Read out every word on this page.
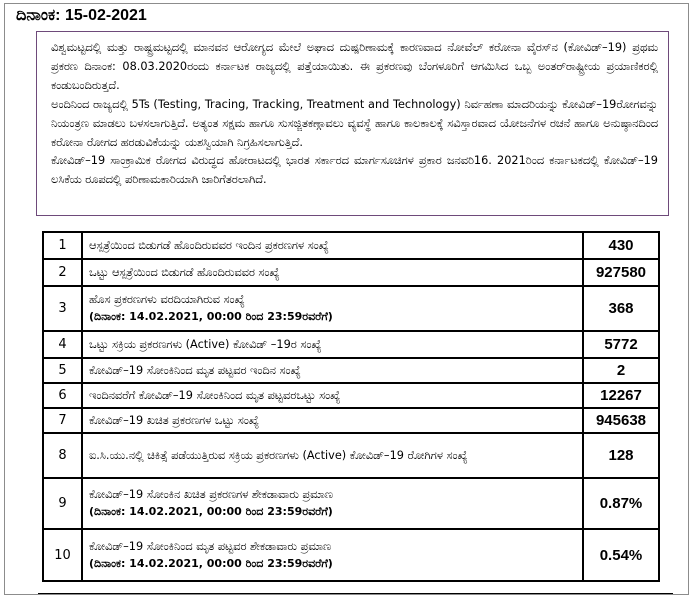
ದಿನಾಂಕ: 15-02-2021

ವಿಶ್ವಮಟ್ಟದಲ್ಲಿ ಮತ್ತು ರಾಷ್ಟ್ರಮಟ್ಟದಲ್ಲಿ ಮಾನವನ ಆರೋಗ್ಯದ ಮೇಲೆ ಅಘಾದ ದುಷ್ಪರಿಣಾಮಕ್ಕೆ ಕಾರಣವಾದ ನೋವೆಲ್ ಕರೋನಾ ವೈರಸ್‌ನ (ಕೋವಿಡ್–19) ಪ್ರಥಮ ಪ್ರಕರಣ ದಿನಾಂಕ: 08.03.2020ರಂದು ಕರ್ನಾಟಕ ರಾಜ್ಯದಲ್ಲಿ ಪತ್ತೆಯಾಯಿತು. ಈ ಪ್ರಕರಣವು ಬೆಂಗಳೂರಿಗೆ ಆಗಮಿಸಿದ ಒಬ್ಬ ಅಂತರ್‌ರಾಷ್ಟ್ರೀಯ ಪ್ರಯಾಣಿಕರಲ್ಲಿ ಕಂಡುಬಂದಿರುತ್ತದೆ.

ಅಂದಿನಿಂದ ರಾಜ್ಯದಲ್ಲಿ 5Ts (Testing, Tracing, Tracking, Treatment and Technology) ನಿರ್ವಹಣಾ ಮಾದರಿಯನ್ನು ಕೋವಿಡ್–19ರೋಗವನ್ನು ನಿಯಂತ್ರಣ ಮಾಡಲು ಬಳಸಲಾಗುತ್ತಿದೆ. ಅತ್ಯಂತ ಸಕ್ಷಮ ಹಾಗೂ ಸುಸಜ್ಜಿತಕಣ್ಗಾವಲು ವ್ಯವಸ್ಥೆ ಹಾಗೂ ಕಾಲಕಾಲಕ್ಕೆ ಸವಿಸ್ತಾರವಾದ ಯೋಜನೆಗಳ ರಚನೆ ಹಾಗೂ ಅನುಷ್ಠಾನದಿಂದ ಕರೋನಾ ರೋಗದ ಹರಡುವಿಕೆಯನ್ನು ಯಶಸ್ವಿಯಾಗಿ ನಿಗ್ರಹಿಸಲಾಗುತ್ತಿದೆ.

ಕೋವಿಡ್–19 ಸಾಂಕ್ರಾಮಿಕ ರೋಗದ ವಿರುದ್ಧದ ಹೋರಾಟದಲ್ಲಿ ಭಾರತ ಸರ್ಕಾರದ ಮಾರ್ಗಸೂಚಿಗಳ ಪ್ರಕಾರ ಜನವರಿ16. 2021ರಿಂದ ಕರ್ನಾಟಕದಲ್ಲಿ ಕೋವಿಡ್–19 ಲಸಿಕೆಯ ರೂಪದಲ್ಲಿ ಪರಿಣಾಮಕಾರಿಯಾಗಿ ಜಾರಿಗೆತರಲಾಗಿದೆ.

1	ಆಸ್ಪತ್ರೆಯಿಂದ ಬಿಡುಗಡೆ ಹೊಂದಿರುವವರ ಇಂದಿನ ಪ್ರಕರಣಗಳ ಸಂಖ್ಯೆ	430
2	ಒಟ್ಟು ಆಸ್ಪತ್ರೆಯಿಂದ ಬಿಡುಗಡೆ ಹೊಂದಿರುವವರ ಸಂಖ್ಯೆ	927580
3	ಹೊಸ ಪ್ರಕರಣಗಳು ವರದಿಯಾಗಿರುವ ಸಂಖ್ಯೆ
(ದಿನಾಂಕ: 14.02.2021, 00:00 ರಿಂದ 23:59ರವರೆಗೆ)	368
4	ಒಟ್ಟು ಸಕ್ರಿಯ ಪ್ರಕರಣಗಳು (Active) ಕೋವಿಡ್ –19ರ ಸಂಖ್ಯೆ	5772
5	ಕೋವಿಡ್–19 ಸೋಂಕಿನಿಂದ ಮೃತ ಪಟ್ಟವರ ಇಂದಿನ ಸಂಖ್ಯೆ	2
6	ಇಂದಿನವರೆಗೆ ಕೋವಿಡ್–19 ಸೋಂಕಿನಿಂದ ಮೃತ ಪಟ್ಟವರಒಟ್ಟು ಸಂಖ್ಯೆ	12267
7	ಕೋವಿಡ್–19 ಖಚಿತ ಪ್ರಕರಣಗಳ ಒಟ್ಟು ಸಂಖ್ಯೆ	945638
8	ಐ.ಸಿ.ಯು.ನಲ್ಲಿ ಚಿಕಿತ್ಸೆ ಪಡೆಯುತ್ತಿರುವ ಸಕ್ರಿಯ ಪ್ರಕರಣಗಳು (Active) ಕೋವಿಡ್–19 ರೋಗಿಗಳ ಸಂಖ್ಯೆ	128
9	ಕೋವಿಡ್–19 ಸೋಂಕಿನ ಖಚಿತ ಪ್ರಕರಣಗಳ ಶೇಕಡಾವಾರು ಪ್ರಮಾಣ
(ದಿನಾಂಕ: 14.02.2021, 00:00 ರಿಂದ 23:59ರವರೆಗೆ)	0.87%
10	ಕೋವಿಡ್–19 ಸೋಂಕಿನಿಂದ ಮೃತ ಪಟ್ಟವರ ಶೇಕಡಾವಾರು ಪ್ರಮಾಣ
(ದಿನಾಂಕ: 14.02.2021, 00:00 ರಿಂದ 23:59ರವರೆಗೆ)	0.54%
